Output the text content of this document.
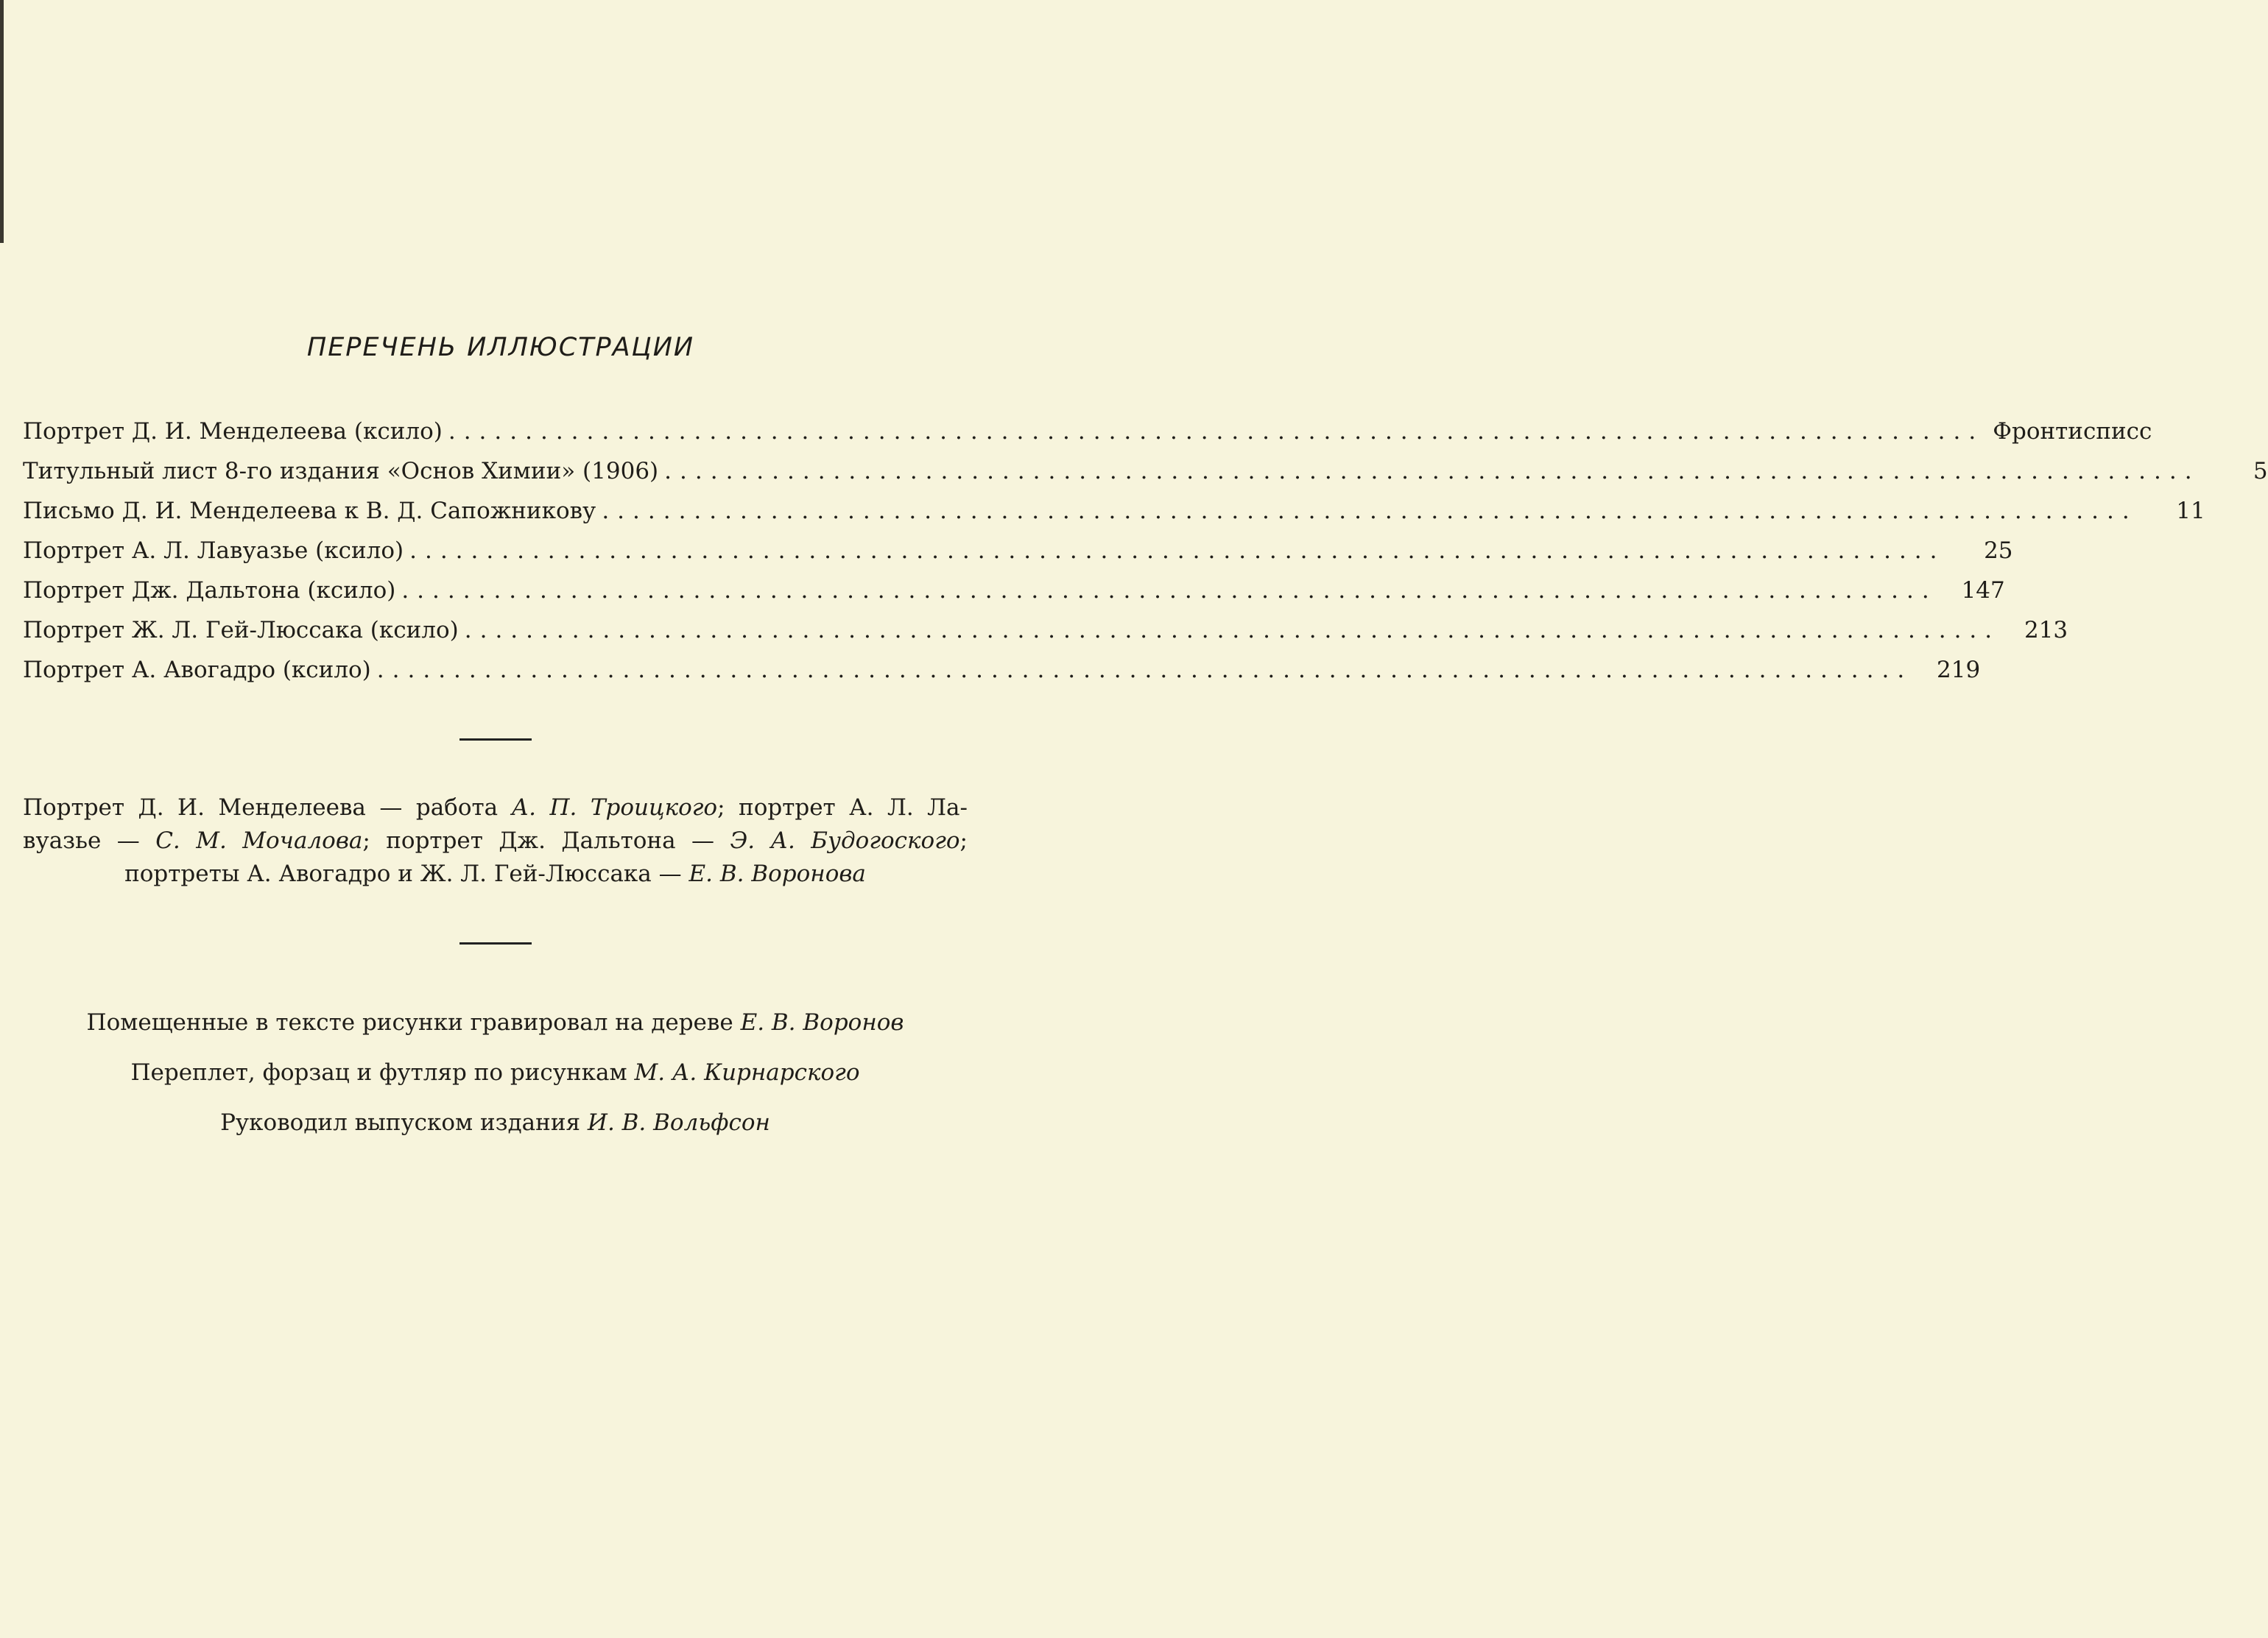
ПЕРЕЧЕНЬ ИЛЛЮСТРАЦИИ
Портрет Д. И. Менделеева (ксило) .................................................................................................... Фронтисписс
Титульный лист 8-го издания «Основ Химии» (1906) ....................................................................................................	5
Письмо Д. И. Менделеева к В. Д. Сапожникову ....................................................................................................	11
Портрет А. Л. Лавуазье (ксило) ....................................................................................................	25
Портрет Дж. Дальтона (ксило) ....................................................................................................	147
Портрет Ж. Л. Гей-Люссака (ксило) ....................................................................................................	213
Портрет А. Авогадро (ксило) ....................................................................................................	219
Портрет Д. И. Менделеева — работа А. П. Троицкого; портрет А. Л. Ла-
вуазье — С. М. Мочалова; портрет Дж. Дальтона — Э. А. Будогоского;
портреты А. Авогадро и Ж. Л. Гей-Люссака — Е. В. Воронова
Помещенные в тексте рисунки гравировал на дереве Е. В. Воронов
Переплет, форзац и футляр по рисункам М. А. Кирнарского
Руководил выпуском издания И. В. Вольфсон
